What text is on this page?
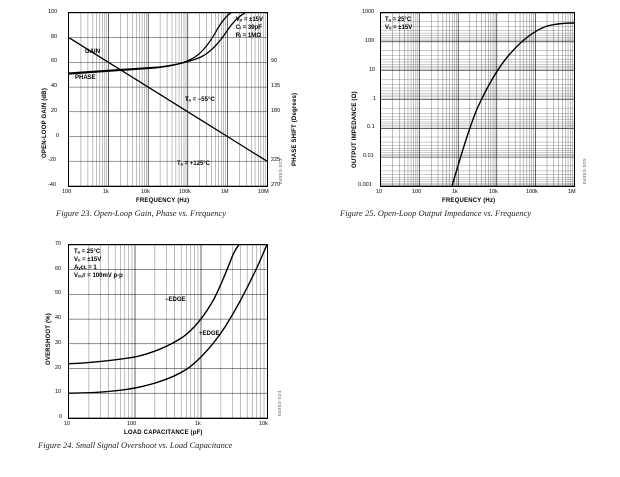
Vₒ = ±15V
Cₗ = 39pF
Rₗ = 1MΩ
GAIN
PHASE
Tₐ = −55°C
Tₐ = +125°C
100
80
60
40
20
0
-20
-40
90
135
180
225
270
100	1k	10k	100k	1M	10M
FREQUENCY (Hz)
OPEN-LOOP GAIN (dB)	PHASE SHIFT (Degrees)
04853-023
Figure 23. Open-Loop Gain, Phase vs. Frequency
Tₐ = 25°C
Vₒ = ±15V
1000
100
10
1
0.1
0.01
0.001
10	100	1k	10k	100k	1M
FREQUENCY (Hz)
OUTPUT IMPEDANCE (Ω)
04853-025
Figure 25. Open-Loop Output Impedance vs. Frequency
Tₐ = 25°C
Vₒ = ±15V
Aᵥᴄʟ = 1
Vₒᵤᴛ = 100mV p-p
−EDGE
+EDGE
70
60
50
40
30
20
10
0
10	100	1k	10k
LOAD CAPACITANCE (pF)
OVERSHOOT (%)
04853-024
Figure 24. Small Signal Overshoot vs. Load Capacitance
